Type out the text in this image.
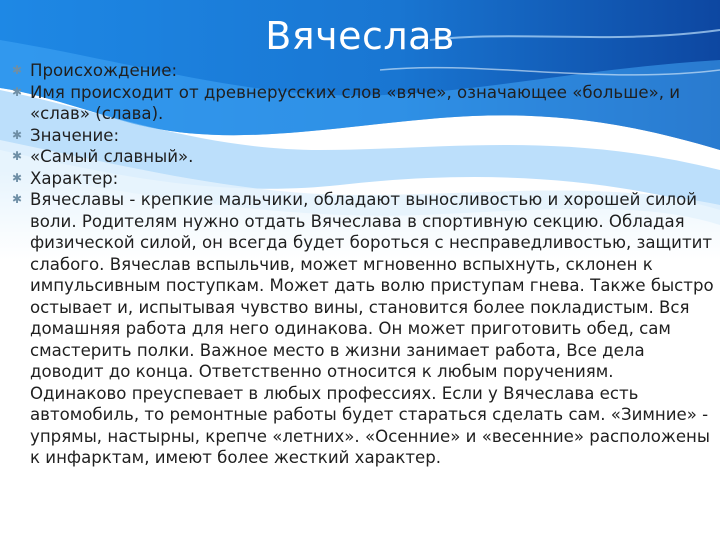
Вячеслав
✱ Происхождение:
✱ Имя происходит от древнерусских слов «вяче», означающее «больше», и «слав» (слава).
✱ Значение:
✱ «Самый славный».
✱ Характер:
✱ Вячеславы - крепкие мальчики, обладают выносливостью и хорошей силой воли. Родителям нужно отдать Вячеслава в спортивную секцию. Обладая физической силой, он всегда будет бороться с несправедливостью, защитит слабого. Вячеслав вспыльчив, может мгновенно вспыхнуть, склонен к импульсивным поступкам. Может дать волю приступам гнева. Также быстро остывает и, испытывая чувство вины, становится более покладистым. Вся домашняя работа для него одинакова. Он может приготовить обед, сам смастерить полки. Важное место в жизни занимает работа, Все дела доводит до конца. Ответственно относится к любым поручениям. Одинаково преуспевает в любых профессиях. Если у Вячеслава есть автомобиль, то ремонтные работы будет стараться сделать сам. «Зимние» - упрямы, настырны, крепче «летних». «Осенние» и «весенние» расположены к инфарктам, имеют более жесткий характер.
